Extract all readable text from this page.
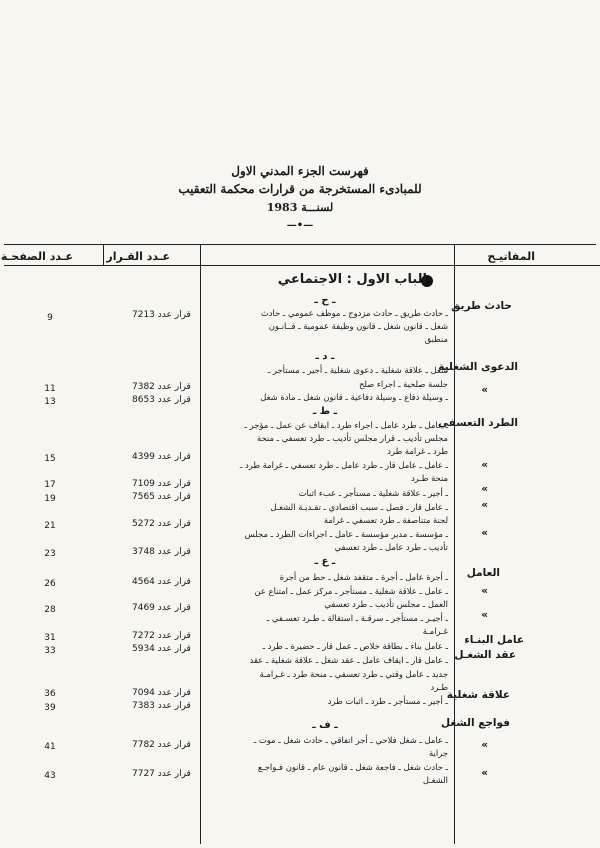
فهرست الجزء المدني الاول
للمبادىء المستخرجة من قرارات محكمة التعقيب
لسنـــة 1983
—•—
المفاتيـح
عـدد القـرار
عـدد الصفحـة
الباب الاول : الاجتماعي
ـ ح ـ
ـ د ـ
ـ ط ـ
ـ ع ـ
ـ ف ـ
حادث طريق
الدعوى الشغلية
»
الطرد التعسفي
»
»
»
»
العامل
»
»
عامل البنـاء
عقد الشغـل
علاقة شغلية
فواجع الشغل
»
»
ـ حادث طريق ـ حادث مزدوج ـ موظف عمومي ـ حادث
شغل ـ قانون شغل ـ قانون وظيفة عمومية ـ قــانـون
منطبق
شغل ـ علاقة شغلية ـ دعوى شغلية ـ أجير ـ مستأجر ـ
جلسة صلحية ـ اجراء صلح
ـ وسيلة دفاع ـ وسيلة دفاعية ـ قانون شغل ـ مادة شغل
ـ عامل ـ طرد عامل ـ اجراء طرد ـ ايقاف عن عمل ـ مؤجر ـ
مجلس تأديب ـ قرار مجلس تأديب ـ طرد تعسفي ـ منحة
طرد ـ غرامة طرد
ـ عامل ـ عامل قار ـ طرد عامل ـ طرد تعسفي ـ غرامة طرد ـ
منحة طـرد
ـ أجير ـ علاقة شغلية ـ مستأجر ـ عبء اثبات
ـ عامل قار ـ فصل ـ سبب اقتصادي ـ تقـديـة الشغـل
لجنة متناصفة ـ طرد تعسفي ـ غرامة
ـ مؤسسة ـ مدير مؤسسة ـ عامل ـ اجراءات الطرد ـ مجلس
تأديب ـ طرد عامل ـ طرد تعسفي
ـ أجرة عامل ـ أجرة ـ متقفد شغل ـ حط من أجرة
ـ عامل ـ علاقة شغلية ـ مستأجر ـ مركز عمل ـ امتناع عن
العمل ـ مجلس تأديب ـ طرد تعسفي
ـ أجيـر ـ مستأجر ـ سرقـة ـ استقالة ـ طـرد تعسـفي ـ
غـرامـة
ـ عامل بناء ـ بطاقة خلاص ـ عمل قار ـ حضيرة ـ طرد ـ
ـ عامل قار ـ ايقاف عامل ـ عقد شغل ـ علاقة شغلية ـ عقد
جديد ـ عامل وقتي ـ طرد تعسفي ـ منحة طرد ـ غـرامـة
طـرد
ـ أجير ـ مستأجر ـ طرد ـ اثبات طرد
ـ عامل ـ شغل فلاحي ـ أجر اتفاقي ـ حادث شغل ـ موت ـ
جراية
ـ حادث شغل ـ فاجعة شغل ـ قانون عام ـ قانون فـواجـع
الشغـل
قرار عدد 7213
قرار عدد 7382
قرار عدد 8653
قرار عدد 4399
قرار عدد 7109
قرار عدد 7565
قرار عدد 5272
قرار عدد 3748
قرار عدد 4564
قرار عدد 7469
قرار عدد 7272
قرار عدد 5934
قرار عدد 7094
قرار عدد 7383
قرار عدد 7782
قرار عدد 7727
9
11
13
15
17
19
21
23
26
28
31
33
36
39
41
43
